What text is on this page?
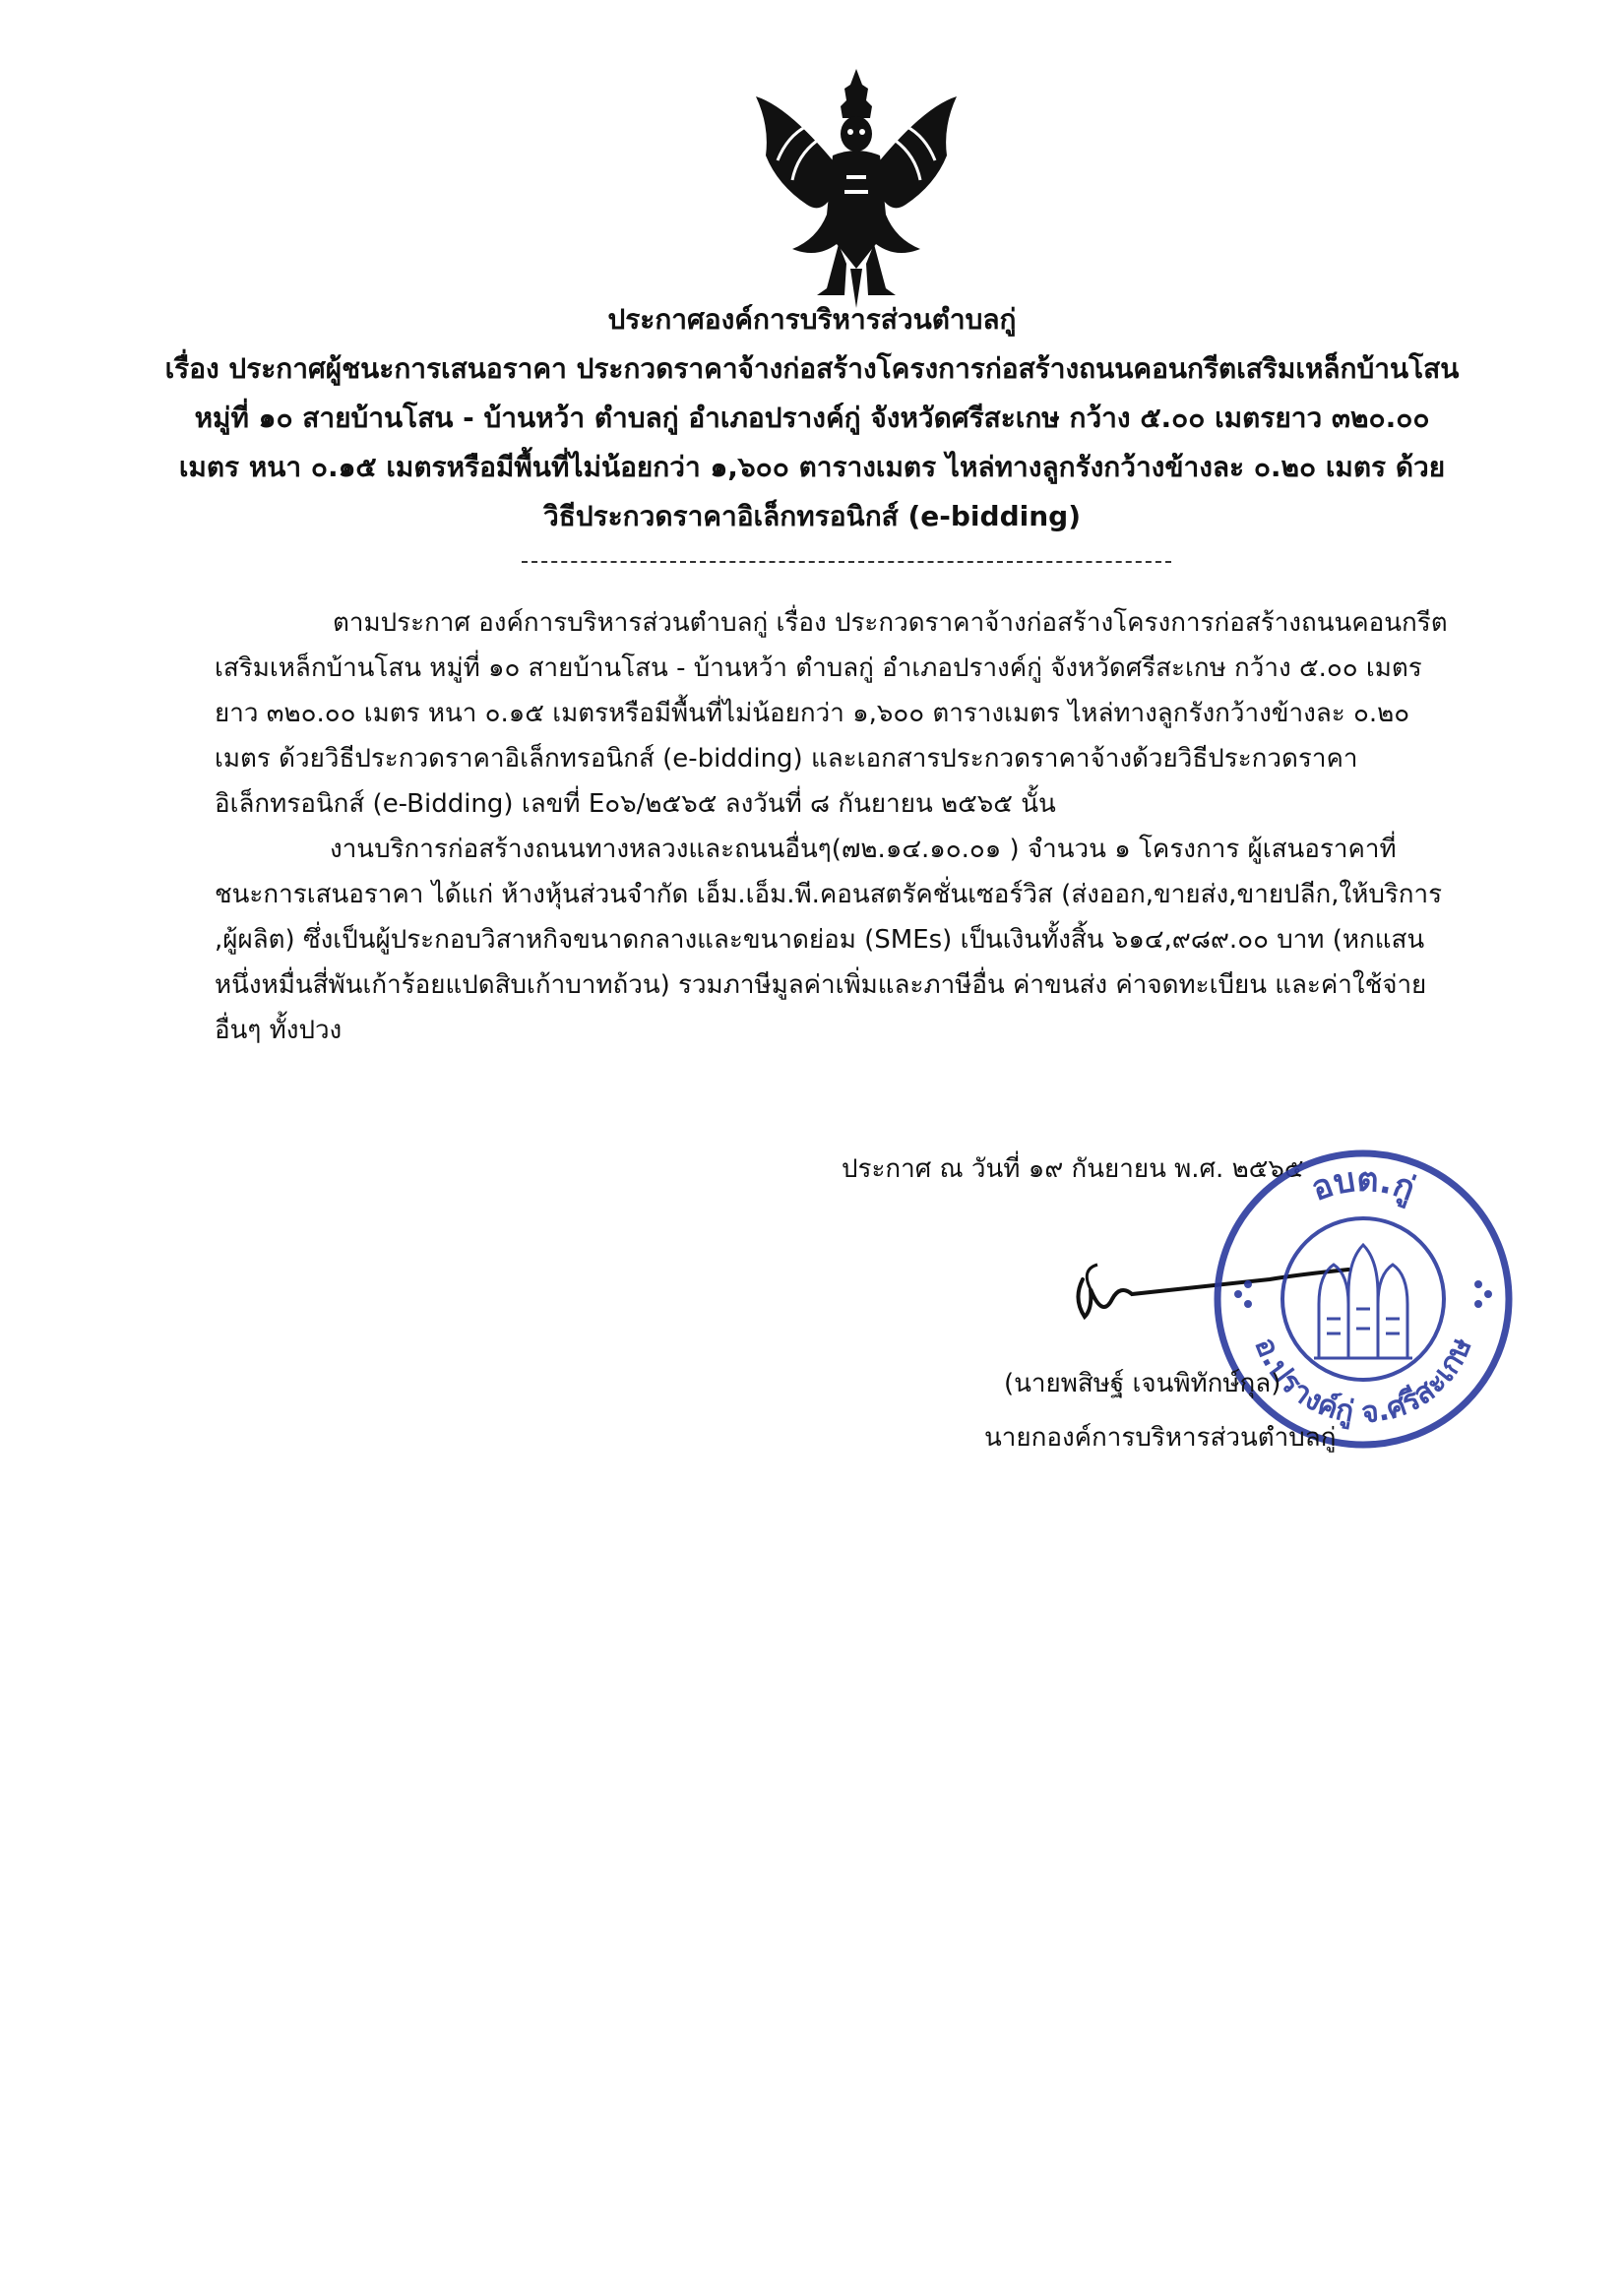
ประกาศองค์การบริหารส่วนตำบลกู่
เรื่อง ประกาศผู้ชนะการเสนอราคา ประกวดราคาจ้างก่อสร้างโครงการก่อสร้างถนนคอนกรีตเสริมเหล็กบ้านโสน
หมู่ที่ ๑๐ สายบ้านโสน - บ้านหว้า ตำบลกู่ อำเภอปรางค์กู่ จังหวัดศรีสะเกษ กว้าง ๕.๐๐ เมตรยาว ๓๒๐.๐๐
เมตร หนา ๐.๑๕ เมตรหรือมีพื้นที่ไม่น้อยกว่า ๑,๖๐๐ ตารางเมตร ไหล่ทางลูกรังกว้างข้างละ ๐.๒๐ เมตร ด้วย
วิธีประกวดราคาอิเล็กทรอนิกส์ (e-bidding)
ตามประกาศ องค์การบริหารส่วนตำบลกู่ เรื่อง ประกวดราคาจ้างก่อสร้างโครงการก่อสร้างถนนคอนกรีต
เสริมเหล็กบ้านโสน หมู่ที่ ๑๐ สายบ้านโสน - บ้านหว้า ตำบลกู่ อำเภอปรางค์กู่ จังหวัดศรีสะเกษ กว้าง ๕.๐๐ เมตร
ยาว ๓๒๐.๐๐ เมตร หนา ๐.๑๕ เมตรหรือมีพื้นที่ไม่น้อยกว่า ๑,๖๐๐ ตารางเมตร ไหล่ทางลูกรังกว้างข้างละ ๐.๒๐
เมตร ด้วยวิธีประกวดราคาอิเล็กทรอนิกส์ (e-bidding) และเอกสารประกวดราคาจ้างด้วยวิธีประกวดราคา
อิเล็กทรอนิกส์ (e-Bidding) เลขที่ E๐๖/๒๕๖๕ ลงวันที่ ๘ กันยายน ๒๕๖๕ นั้น
งานบริการก่อสร้างถนนทางหลวงและถนนอื่นๆ(๗๒.๑๔.๑๐.๐๑ ) จำนวน ๑ โครงการ ผู้เสนอราคาที่
ชนะการเสนอราคา ได้แก่ ห้างหุ้นส่วนจำกัด เอ็ม.เอ็ม.พี.คอนสตรัคชั่นเซอร์วิส (ส่งออก,ขายส่ง,ขายปลีก,ให้บริการ
,ผู้ผลิต) ซึ่งเป็นผู้ประกอบวิสาหกิจขนาดกลางและขนาดย่อม (SMEs) เป็นเงินทั้งสิ้น ๖๑๔,๙๘๙.๐๐ บาท (หกแสน
หนึ่งหมื่นสี่พันเก้าร้อยแปดสิบเก้าบาทถ้วน) รวมภาษีมูลค่าเพิ่มและภาษีอื่น ค่าขนส่ง ค่าจดทะเบียน และค่าใช้จ่าย
อื่นๆ ทั้งปวง
ประกาศ ณ วันที่ ๑๙ กันยายน พ.ศ. ๒๕๖๕ อบต.กู่
อ.ปรางค์กู่ จ.ศรีสะเกษ
(นายพสิษฐ์ เจนพิทักษ์กุล)
นายกองค์การบริหารส่วนตำบลกู่
